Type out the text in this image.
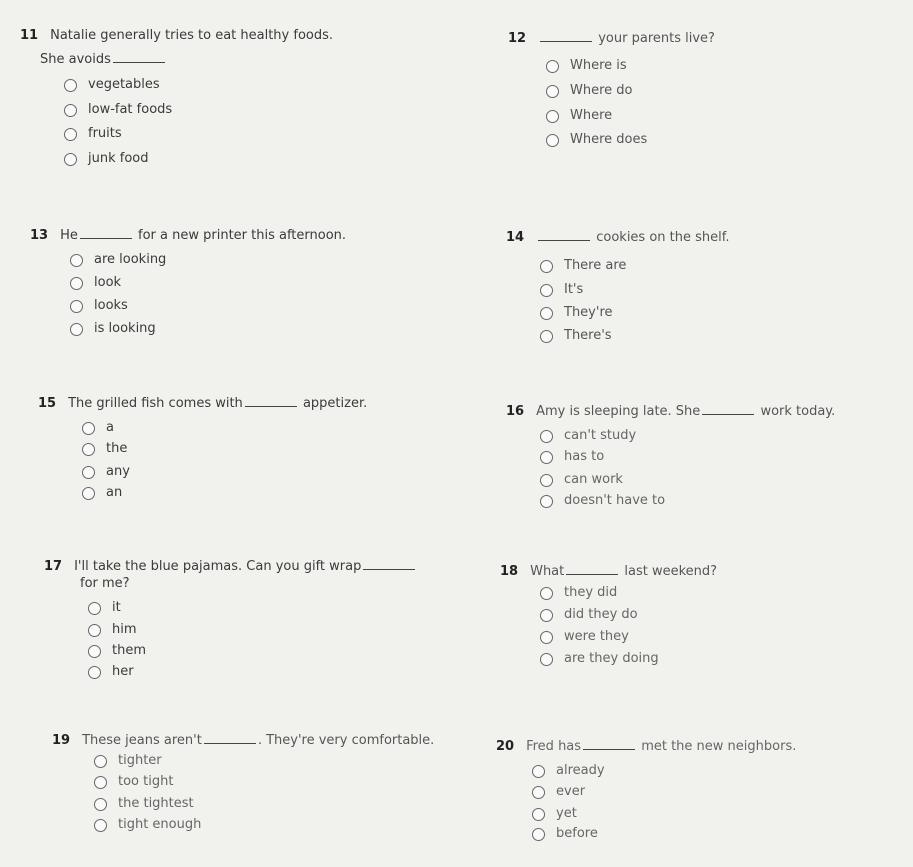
11 Natalie generally tries to eat healthy foods.
She avoids
vegetables
low-fat foods
fruits
junk food
12	your parents live?
Where is
Where do
Where
Where does
13 He	for a new printer this afternoon.
are looking
look
looks
is looking
14	cookies on the shelf.
There are
It's
They're
There's
15 The grilled fish comes with	appetizer.
a
the
any
an
16 Amy is sleeping late. She	work today.
can't study
has to
can work
doesn't have to
17 I'll take the blue pajamas. Can you gift wrap
for me?
it
him
them
her
18 What	last weekend?
they did
did they do
were they
are they doing
19 These jeans aren't	. They're very comfortable.
tighter
too tight
the tightest
tight enough
20 Fred has	met the new neighbors.
already
ever
yet
before
